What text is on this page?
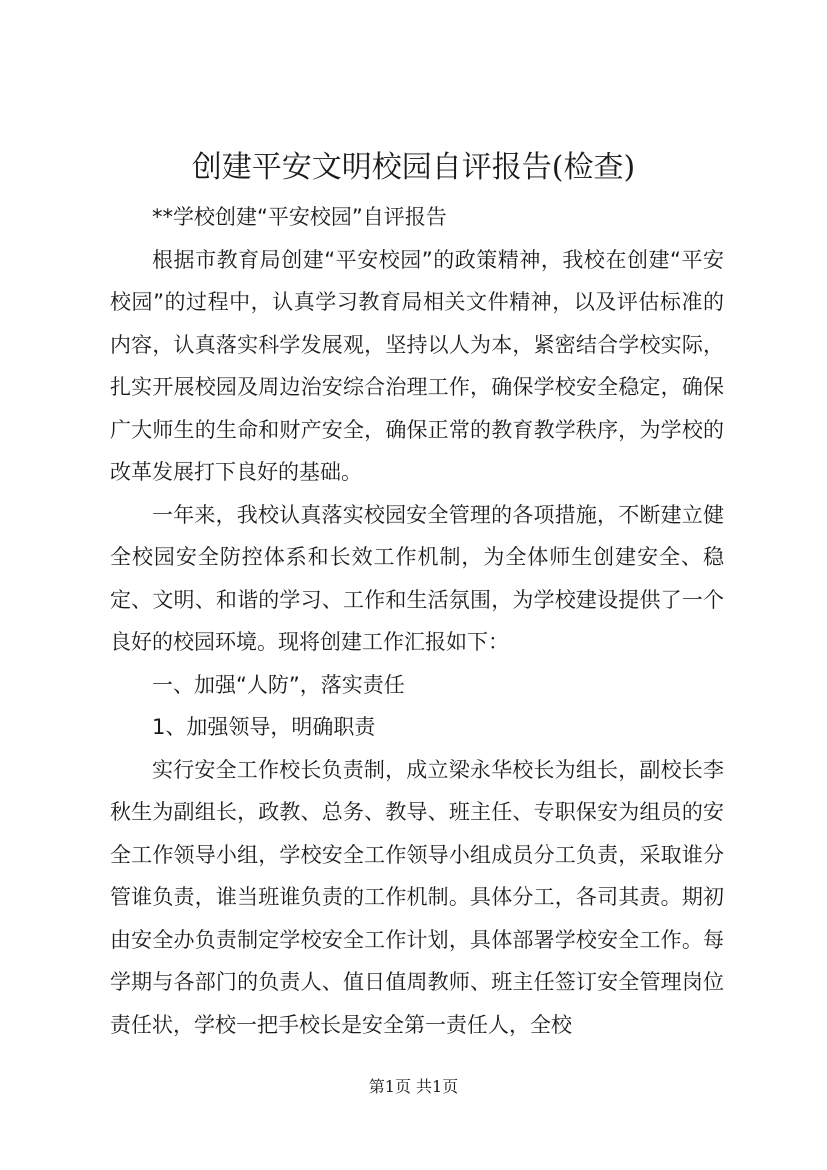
创建平安文明校园自评报告(检查)

**学校创建“平安校园”自评报告

根据市教育局创建“平安校园”的政策精神，我校在创建“平安校园”的过程中，认真学习教育局相关文件精神，以及评估标准的内容，认真落实科学发展观，坚持以人为本，紧密结合学校实际，扎实开展校园及周边治安综合治理工作，确保学校安全稳定，确保广大师生的生命和财产安全，确保正常的教育教学秩序，为学校的改革发展打下良好的基础。

一年来，我校认真落实校园安全管理的各项措施，不断建立健全校园安全防控体系和长效工作机制，为全体师生创建安全、稳定、文明、和谐的学习、工作和生活氛围，为学校建设提供了一个良好的校园环境。现将创建工作汇报如下：

一、加强“人防”，落实责任

1、加强领导，明确职责

实行安全工作校长负责制，成立梁永华校长为组长，副校长李秋生为副组长，政教、总务、教导、班主任、专职保安为组员的安全工作领导小组，学校安全工作领导小组成员分工负责，采取谁分管谁负责，谁当班谁负责的工作机制。具体分工，各司其责。期初由安全办负责制定学校安全工作计划，具体部署学校安全工作。每学期与各部门的负责人、值日值周教师、班主任签订安全管理岗位责任状，学校一把手校长是安全第一责任人，全校

第1页 共1页
